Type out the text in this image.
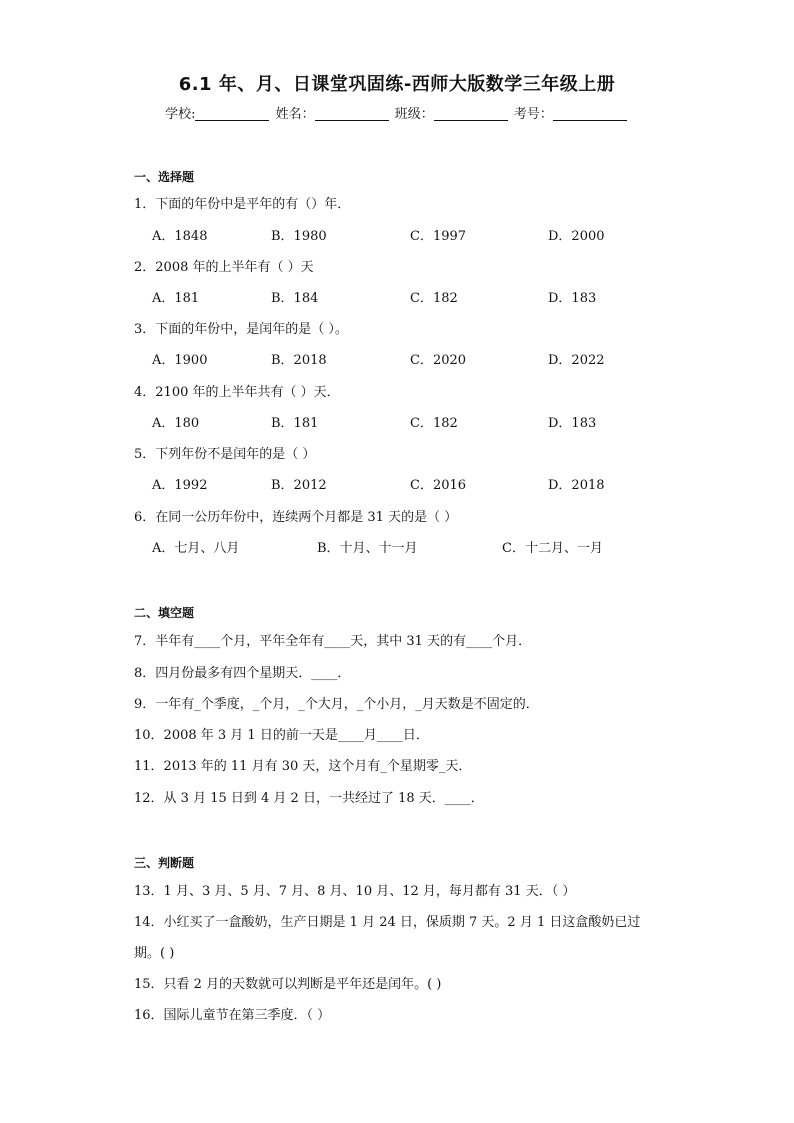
6.1 年、月、日课堂巩固练-西师大版数学三年级上册
学校:	姓名：	班级：	考号：
一、选择题
1．下面的年份中是平年的有（）年．
A．1848	B．1980	C．1997	D．2000
2．2008 年的上半年有（ ）天
A．181	B．184	C．182	D．183
3．下面的年份中，是闰年的是（ ）。
A．1900	B．2018	C．2020	D．2022
4．2100 年的上半年共有（ ）天．
A．180	B．181	C．182	D．183
5．下列年份不是闰年的是（ ）
A．1992	B．2012	C．2016	D．2018
6．在同一公历年份中，连续两个月都是 31 天的是（ ）
A．七月、八月	B．十月、十一月	C．十二月、一月
二、填空题
7．半年有____个月，平年全年有____天，其中 31 天的有____个月．
8．四月份最多有四个星期天．____．
9．一年有_个季度，_个月，_个大月，_个小月，_月天数是不固定的．
10．2008 年 3 月 1 日的前一天是____月____日．
11．2013 年的 11 月有 30 天，这个月有_个星期零_天．
12．从 3 月 15 日到 4 月 2 日，一共经过了 18 天．____．
三、判断题
13．1 月、3 月、5 月、7 月、8 月、10 月、12 月，每月都有 31 天．（ ）
14．小红买了一盒酸奶，生产日期是 1 月 24 日，保质期 7 天。2 月 1 日这盒酸奶已过
期。( )
15．只看 2 月的天数就可以判断是平年还是闰年。( )
16．国际儿童节在第三季度．（ ）
